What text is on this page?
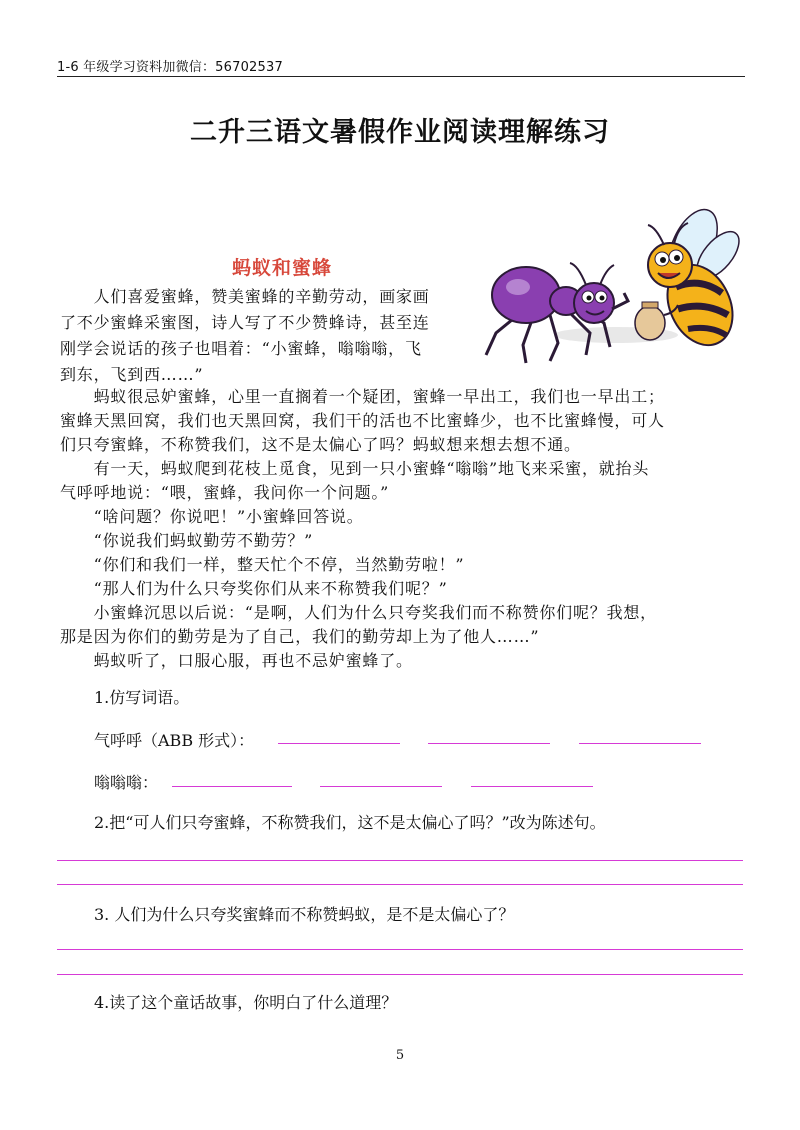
1-6 年级学习资料加微信：56702537
二升三语文暑假作业阅读理解练习
蚂蚁和蜜蜂
　　人们喜爱蜜蜂，赞美蜜蜂的辛勤劳动，画家画
了不少蜜蜂采蜜图，诗人写了不少赞蜂诗，甚至连
刚学会说话的孩子也唱着：“小蜜蜂，嗡嗡嗡，飞
到东，飞到西……”
　　蚂蚁很忌妒蜜蜂，心里一直搁着一个疑团，蜜蜂一早出工，我们也一早出工；
蜜蜂天黑回窝，我们也天黑回窝，我们干的活也不比蜜蜂少，也不比蜜蜂慢，可人
们只夸蜜蜂，不称赞我们，这不是太偏心了吗？蚂蚁想来想去想不通。
　　有一天，蚂蚁爬到花枝上觅食，见到一只小蜜蜂“嗡嗡”地飞来采蜜，就抬头
气呼呼地说：“喂，蜜蜂，我问你一个问题。”
　　“啥问题？你说吧！”小蜜蜂回答说。
　　“你说我们蚂蚁勤劳不勤劳？”
　　“你们和我们一样，整天忙个不停，当然勤劳啦！”
　　“那人们为什么只夸奖你们从来不称赞我们呢？”
　　小蜜蜂沉思以后说：“是啊，人们为什么只夸奖我们而不称赞你们呢？我想，
那是因为你们的勤劳是为了自己，我们的勤劳却上为了他人……”
　　蚂蚁听了，口服心服，再也不忌妒蜜蜂了。
1.仿写词语。
气呼呼（ABB 形式）：
嗡嗡嗡：
2.把“可人们只夸蜜蜂，不称赞我们，这不是太偏心了吗？”改为陈述句。
3. 人们为什么只夸奖蜜蜂而不称赞蚂蚁，是不是太偏心了？
4.读了这个童话故事，你明白了什么道理？
5
